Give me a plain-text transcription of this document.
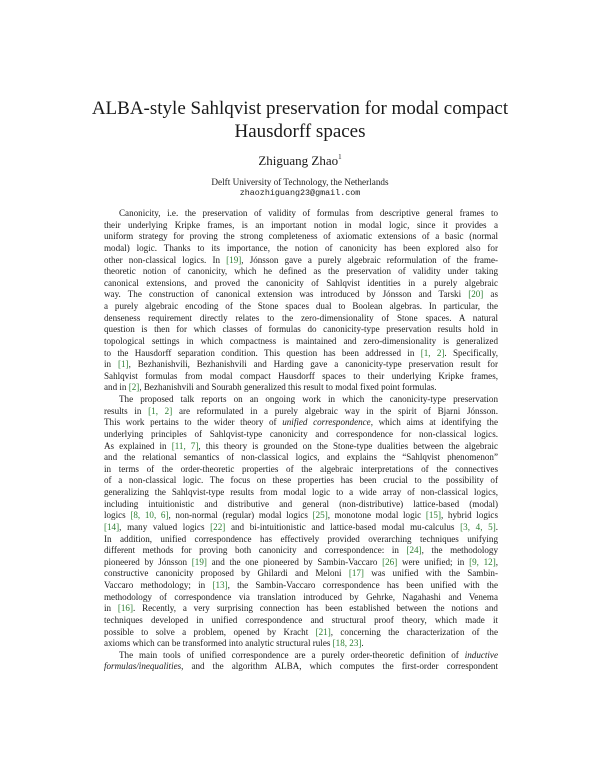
ALBA-style Sahlqvist preservation for modal compact
Hausdorff spaces
Zhiguang Zhao$^1$
Delft University of Technology, the Netherlands
zhaozhiguang23@gmail.com

Canonicity, i.e. the preservation of validity of formulas from descriptive general frames to
their underlying Kripke frames, is an important notion in modal logic, since it provides a
uniform strategy for proving the strong completeness of axiomatic extensions of a basic (normal
modal) logic. Thanks to its importance, the notion of canonicity has been explored also for
other non-classical logics. In [19], Jónsson gave a purely algebraic reformulation of the frame-
theoretic notion of canonicity, which he defined as the preservation of validity under taking
canonical extensions, and proved the canonicity of Sahlqvist identities in a purely algebraic
way. The construction of canonical extension was introduced by Jónsson and Tarski [20] as
a purely algebraic encoding of the Stone spaces dual to Boolean algebras. In particular, the
denseness requirement directly relates to the zero-dimensionality of Stone spaces. A natural
question is then for which classes of formulas do canonicity-type preservation results hold in
topological settings in which compactness is maintained and zero-dimensionality is generalized
to the Hausdorff separation condition. This question has been addressed in [1, 2]. Specifically,
in [1], Bezhanishvili, Bezhanishvili and Harding gave a canonicity-type preservation result for
Sahlqvist formulas from modal compact Hausdorff spaces to their underlying Kripke frames,
and in [2], Bezhanishvili and Sourabh generalized this result to modal fixed point formulas.

The proposed talk reports on an ongoing work in which the canonicity-type preservation
results in [1, 2] are reformulated in a purely algebraic way in the spirit of Bjarni Jónsson.
This work pertains to the wider theory of unified correspondence, which aims at identifying the
underlying principles of Sahlqvist-type canonicity and correspondence for non-classical logics.
As explained in [11, 7], this theory is grounded on the Stone-type dualities between the algebraic
and the relational semantics of non-classical logics, and explains the “Sahlqvist phenomenon”
in terms of the order-theoretic properties of the algebraic interpretations of the connectives
of a non-classical logic. The focus on these properties has been crucial to the possibility of
generalizing the Sahlqvist-type results from modal logic to a wide array of non-classical logics,
including intuitionistic and distributive and general (non-distributive) lattice-based (modal)
logics [8, 10, 6], non-normal (regular) modal logics [25], monotone modal logic [15], hybrid logics
[14], many valued logics [22] and bi-intuitionistic and lattice-based modal mu-calculus [3, 4, 5].
In addition, unified correspondence has effectively provided overarching techniques unifying
different methods for proving both canonicity and correspondence: in [24], the methodology
pioneered by Jónsson [19] and the one pioneered by Sambin-Vaccaro [26] were unified; in [9, 12],
constructive canonicity proposed by Ghilardi and Meloni [17] was unified with the Sambin-
Vaccaro methodology; in [13], the Sambin-Vaccaro correspondence has been unified with the
methodology of correspondence via translation introduced by Gehrke, Nagahashi and Venema
in [16]. Recently, a very surprising connection has been established between the notions and
techniques developed in unified correspondence and structural proof theory, which made it
possible to solve a problem, opened by Kracht [21], concerning the characterization of the
axioms which can be transformed into analytic structural rules [18, 23].

The main tools of unified correspondence are a purely order-theoretic definition of inductive
formulas/inequalities, and the algorithm ALBA, which computes the first-order correspondent
